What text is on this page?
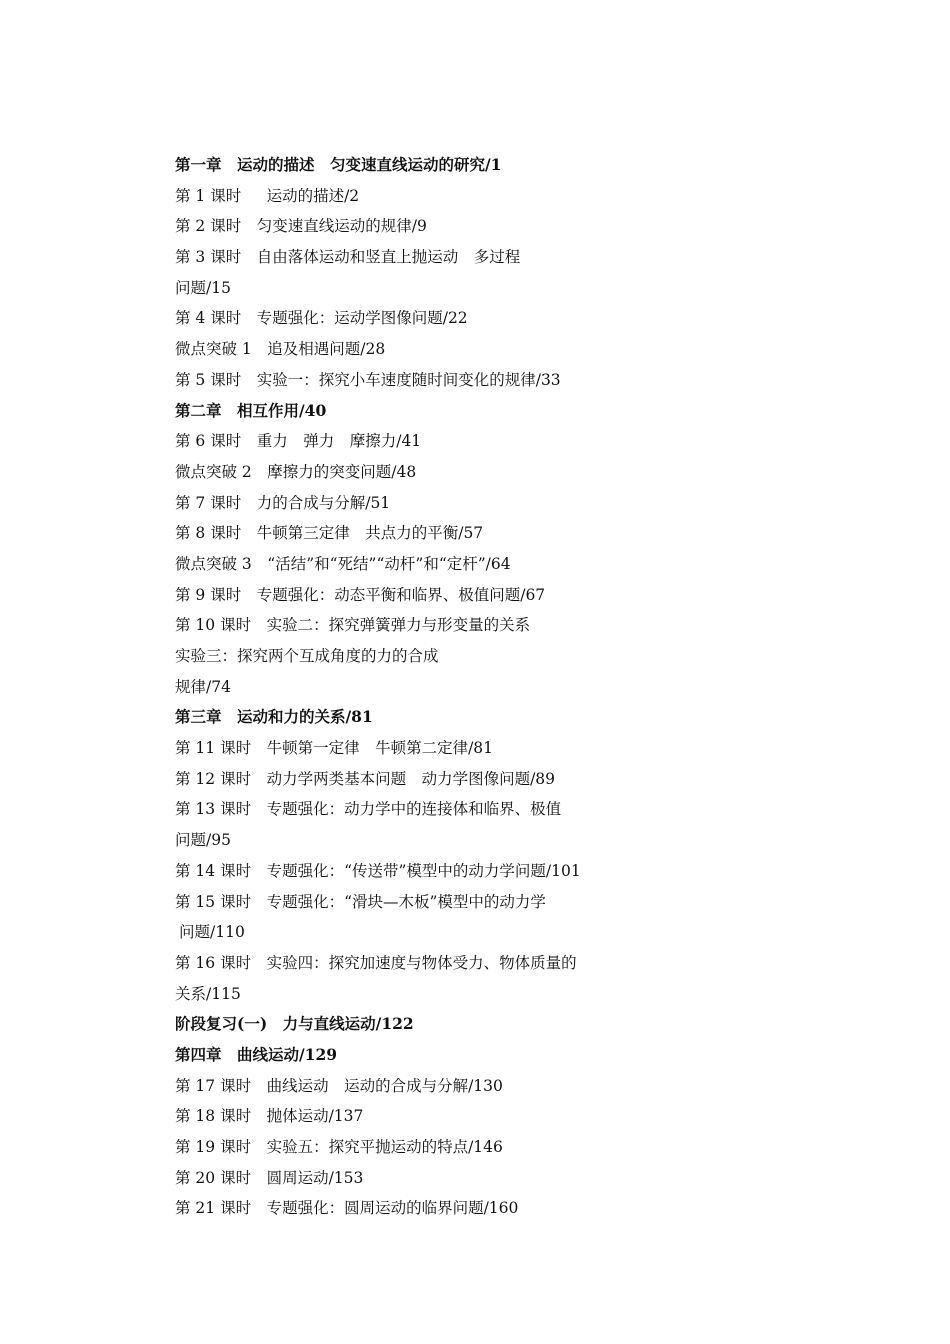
第一章　运动的描述　匀变速直线运动的研究/1
第 1 课时　  运动的描述/2
第 2 课时　匀变速直线运动的规律/9
第 3 课时　自由落体运动和竖直上抛运动　多过程
问题/15
第 4 课时　专题强化：运动学图像问题/22
微点突破 1　追及相遇问题/28
第 5 课时　实验一：探究小车速度随时间变化的规律/33
第二章　相互作用/40
第 6 课时　重力　弹力　摩擦力/41
微点突破 2　摩擦力的突变问题/48
第 7 课时　力的合成与分解/51
第 8 课时　牛顿第三定律　共点力的平衡/57
微点突破 3　“活结”和“死结”“动杆”和“定杆”/64
第 9 课时　专题强化：动态平衡和临界、极值问题/67
第 10 课时　实验二：探究弹簧弹力与形变量的关系
实验三：探究两个互成角度的力的合成
规律/74
第三章　运动和力的关系/81
第 11 课时　牛顿第一定律　牛顿第二定律/81
第 12 课时　动力学两类基本问题　动力学图像问题/89
第 13 课时　专题强化：动力学中的连接体和临界、极值
问题/95
第 14 课时　专题强化：“传送带”模型中的动力学问题/101
第 15 课时　专题强化：“滑块—木板”模型中的动力学
问题/110
第 16 课时　实验四：探究加速度与物体受力、物体质量的
关系/115
阶段复习(一)　力与直线运动/122
第四章　曲线运动/129
第 17 课时　曲线运动　运动的合成与分解/130
第 18 课时　抛体运动/137
第 19 课时　实验五：探究平抛运动的特点/146
第 20 课时　圆周运动/153
第 21 课时　专题强化：圆周运动的临界问题/160
